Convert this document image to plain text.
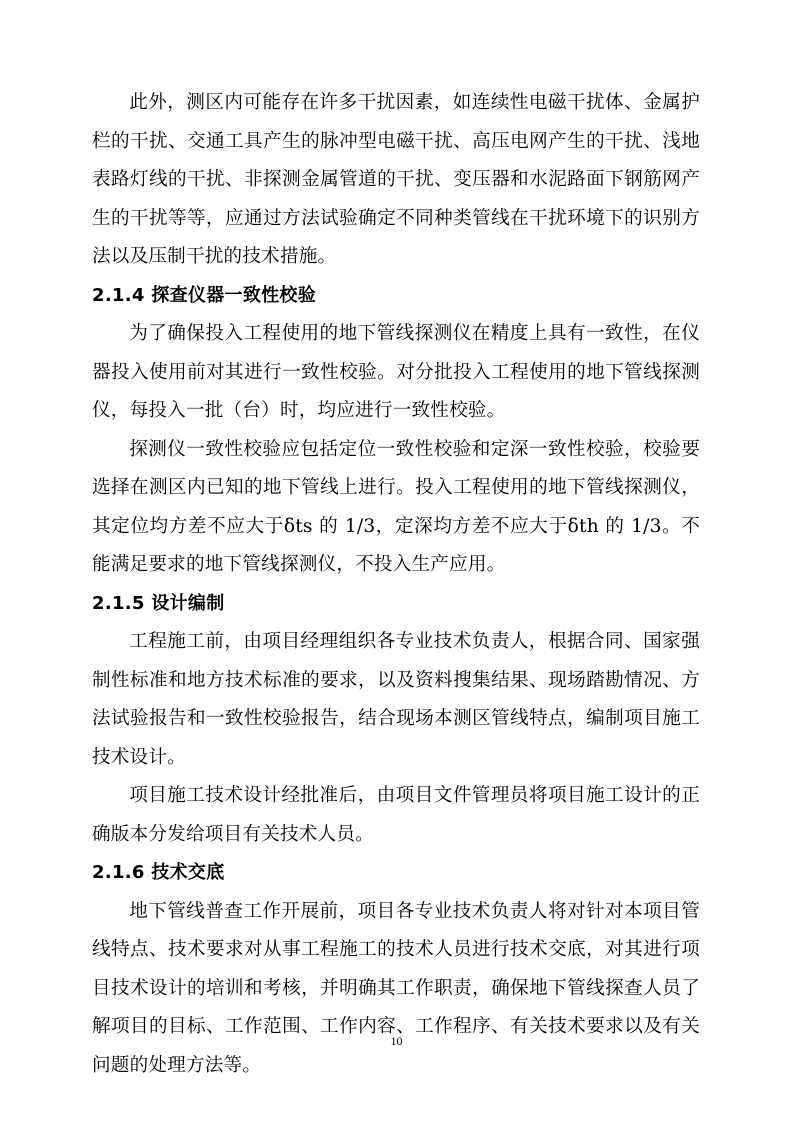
此外，测区内可能存在许多干扰因素，如连续性电磁干扰体、金属护栏的干扰、交通工具产生的脉冲型电磁干扰、高压电网产生的干扰、浅地表路灯线的干扰、非探测金属管道的干扰、变压器和水泥路面下钢筋网产生的干扰等等，应通过方法试验确定不同种类管线在干扰环境下的识别方法以及压制干扰的技术措施。

2.1.4 探查仪器一致性校验

为了确保投入工程使用的地下管线探测仪在精度上具有一致性，在仪器投入使用前对其进行一致性校验。对分批投入工程使用的地下管线探测仪，每投入一批（台）时，均应进行一致性校验。

探测仪一致性校验应包括定位一致性校验和定深一致性校验，校验要选择在测区内已知的地下管线上进行。投入工程使用的地下管线探测仪，其定位均方差不应大于δts 的 1/3，定深均方差不应大于δth 的 1/3。不能满足要求的地下管线探测仪，不投入生产应用。

2.1.5 设计编制

工程施工前，由项目经理组织各专业技术负责人，根据合同、国家强制性标准和地方技术标准的要求，以及资料搜集结果、现场踏勘情况、方法试验报告和一致性校验报告，结合现场本测区管线特点，编制项目施工技术设计。

项目施工技术设计经批准后，由项目文件管理员将项目施工设计的正确版本分发给项目有关技术人员。

2.1.6 技术交底

地下管线普查工作开展前，项目各专业技术负责人将对针对本项目管线特点、技术要求对从事工程施工的技术人员进行技术交底，对其进行项目技术设计的培训和考核，并明确其工作职责，确保地下管线探查人员了解项目的目标、工作范围、工作内容、工作程序、有关技术要求以及有关问题的处理方法等。

10
